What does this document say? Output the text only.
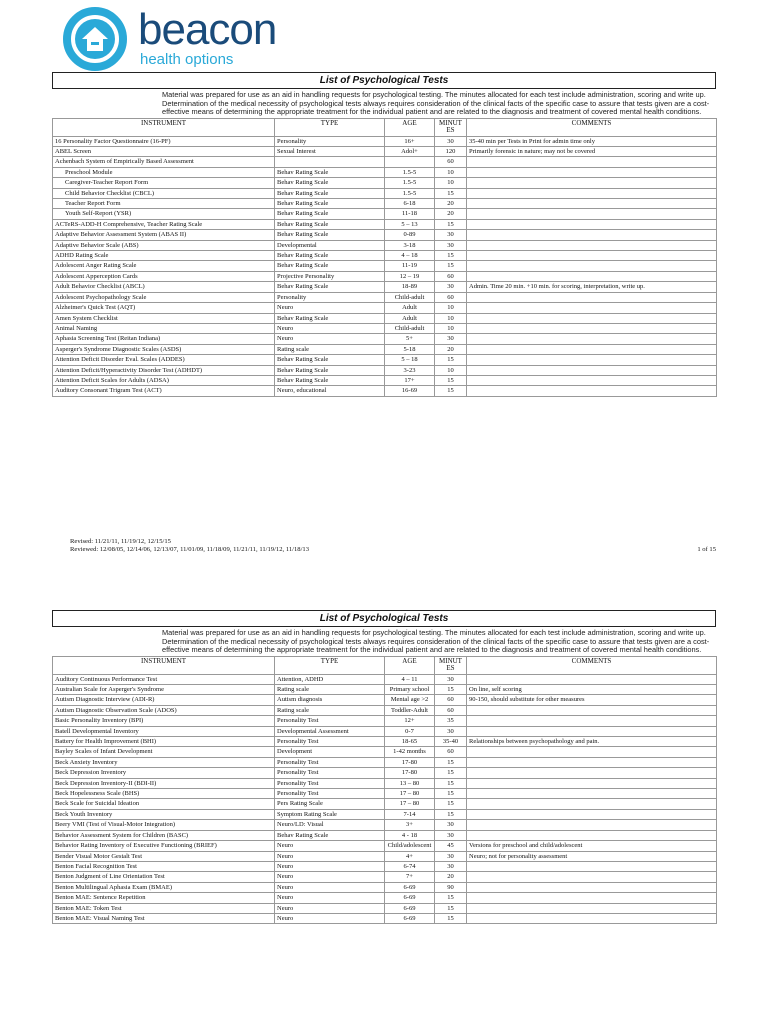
beacon
health options
List of Psychological Tests
Material was prepared for use as an aid in handling requests for psychological testing. The minutes allocated for each test include administration, scoring and write up. Determination of the medical necessity of psychological tests always requires consideration of the clinical facts of the specific case to assure that tests given are a cost-effective means of determining the appropriate treatment for the individual patient and are related to the diagnosis and treatment of covered mental health conditions.
INSTRUMENT	TYPE	AGE	MINUT ES	COMMENTS
16 Personality Factor Questionnaire (16-PF)	Personality	16+	30	35-40 min per Tests in Print for admin time only
ABEL Screen	Sexual Interest	Adol+	120	Primarily forensic in nature; may not be covered
Achenbach System of Empirically Based Assessment			60	
Preschool Module	Behav Rating Scale	1.5-5	10	
Caregiver-Teacher Report Form	Behav Rating Scale	1.5-5	10	
Child Behavior Checklist (CBCL)	Behav Rating Scale	1.5-5	15	
Teacher Report Form	Behav Rating Scale	6-18	20	
Youth Self-Report (YSR)	Behav Rating Scale	11-18	20	
ACTeRS-ADD-H Comprehensive, Teacher Rating Scale	Behav Rating Scale	5 – 13	15	
Adaptive Behavior Assessment System (ABAS II)	Behav Rating Scale	0-89	30	
Adaptive Behavior Scale (ABS)	Developmental	3-18	30	
ADHD Rating Scale	Behav Rating Scale	4 – 18	15	
Adolescent Anger Rating Scale	Behav Rating Scale	11-19	15	
Adolescent Apperception Cards	Projective Personality	12 – 19	60	
Adult Behavior Checklist (ABCL)	Behav Rating Scale	18-89	30	Admin. Time 20 min. +10 min. for scoring, interpretation, write up.
Adolescent Psychopathology Scale	Personality	Child-adult	60	
Alzheimer's Quick Test (AQT)	Neuro	Adult	10	
Amen System Checklist	Behav Rating Scale	Adult	10	
Animal Naming	Neuro	Child-adult	10	
Aphasia Screening Test (Reitan Indiana)	Neuro	5+	30	
Asperger's Syndrome Diagnostic Scales (ASDS)	Rating scale	5-18	20	
Attention Deficit Disorder Eval. Scales (ADDES)	Behav Rating Scale	5 – 18	15	
Attention Deficit/Hyperactivity Disorder Test (ADHDT)	Behav Rating Scale	3-23	10	
Attention Deficit Scales for Adults (ADSA)	Behav Rating Scale	17+	15	
Auditory Consonant Trigram Test (ACT)	Neuro, educational	16-69	15	
Revised: 11/21/11, 11/19/12, 12/15/15
Reviewed: 12/08/05, 12/14/06, 12/13/07, 11/01/09, 11/18/09, 11/21/11, 11/19/12, 11/18/13	1 of 15
List of Psychological Tests
Material was prepared for use as an aid in handling requests for psychological testing. The minutes allocated for each test include administration, scoring and write up. Determination of the medical necessity of psychological tests always requires consideration of the clinical facts of the specific case to assure that tests given are a cost-effective means of determining the appropriate treatment for the individual patient and are related to the diagnosis and treatment of covered mental health conditions.
INSTRUMENT	TYPE	AGE	MINUT ES	COMMENTS
Auditory Continuous Performance Test	Attention, ADHD	4 – 11	30	
Australian Scale for Asperger's Syndrome	Rating scale	Primary school	15	On line, self scoring
Autism Diagnostic Interview (ADI-R)	Autism diagnosis	Mental age >2	60	90-150, should substitute for other measures
Autism Diagnostic Observation Scale (ADOS)	Rating scale	Toddler-Adult	60	
Basic Personality Inventory (BPI)	Personality Test	12+	35	
Batell Developmental Inventory	Developmental Assessment	0-7	30	
Battery for Health Improvement (BHI)	Personality Test	18-65	35-40	Relationships between psychopathology and pain.
Bayley Scales of Infant Development	Development	1-42 months	60	
Beck Anxiety Inventory	Personality Test	17-80	15	
Beck Depression Inventory	Personality Test	17-80	15	
Beck Depression Inventory-II (BDI-II)	Personality Test	13 – 80	15	
Beck Hopelessness Scale (BHS)	Personality Test	17 – 80	15	
Beck Scale for Suicidal Ideation	Pers Rating Scale	17 – 80	15	
Beck Youth Inventory	Symptom Rating Scale	7-14	15	
Beery VMI (Test of Visual-Motor Integration)	Neuro/LD: Visual	3+	30	
Behavior Assessment System for Children (BASC)	Behav Rating Scale	4 - 18	30	
Behavior Rating Inventory of Executive Functioning (BRIEF)	Neuro	Child/adolescent	45	Versions for preschool and child/adolescent
Bender Visual Motor Gestalt Test	Neuro	4+	30	Neuro; not for personality assessment
Benton Facial Recognition Test	Neuro	6-74	30	
Benton Judgment of Line Orientation Test	Neuro	7+	20	
Benton Multilingual Aphasia Exam (BMAE)	Neuro	6-69	90	
Benton MAE: Sentence Repetition	Neuro	6-69	15	
Benton MAE: Token Test	Neuro	6-69	15	
Benton MAE: Visual Naming Test	Neuro	6-69	15	
